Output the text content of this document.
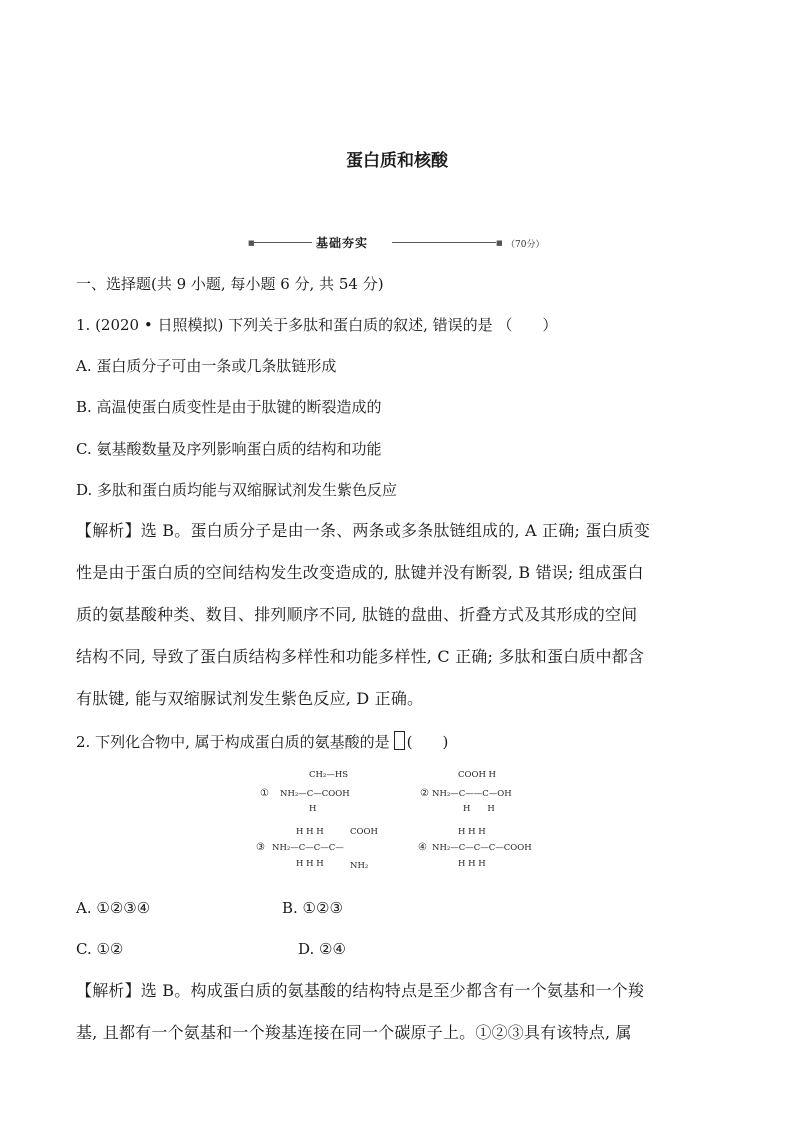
蛋白质和核酸
■	基础夯实	■ （70分）
一、选择题(共 9 小题, 每小题 6 分, 共 54 分)
1. (2020 • 日照模拟) 下列关于多肽和蛋白质的叙述, 错误的是 （　　）
A. 蛋白质分子可由一条或几条肽链形成
B. 高温使蛋白质变性是由于肽键的断裂造成的
C. 氨基酸数量及序列影响蛋白质的结构和功能
D. 多肽和蛋白质均能与双缩脲试剂发生紫色反应
【解析】选 B。蛋白质分子是由一条、两条或多条肽链组成的, A 正确; 蛋白质变
性是由于蛋白质的空间结构发生改变造成的, 肽键并没有断裂, B 错误; 组成蛋白
质的氨基酸种类、数目、排列顺序不同, 肽链的盘曲、折叠方式及其形成的空间
结构不同, 导致了蛋白质结构多样性和功能多样性, C 正确; 多肽和蛋白质中都含
有肽键, 能与双缩脲试剂发生紫色反应, D 正确。
2. 下列化合物中, 属于构成蛋白质的氨基酸的是 (　　)
①
CH₂—HS
NH₂—C—COOH
H
②
COOH H
NH₂—C——C—OH
H　　H
③
H H H	COOH
NH₂—C—C—C—
H H H	NH₂
④
H H H
NH₂—C—C—C—COOH
H H H
A. ①②③④	B. ①②③
C. ①②	D. ②④
【解析】选 B。构成蛋白质的氨基酸的结构特点是至少都含有一个氨基和一个羧
基, 且都有一个氨基和一个羧基连接在同一个碳原子上。①②③具有该特点, 属
